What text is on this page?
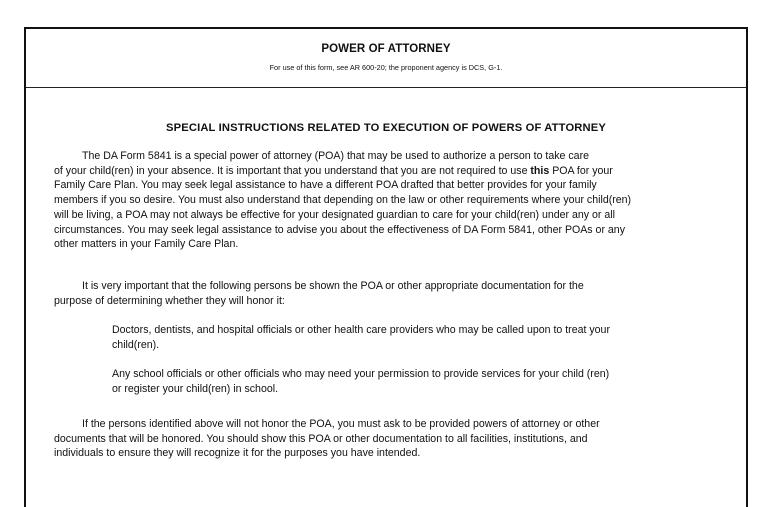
POWER OF ATTORNEY
For use of this form, see AR 600-20; the proponent agency is DCS, G-1.
SPECIAL INSTRUCTIONS RELATED TO EXECUTION OF POWERS OF ATTORNEY

The DA Form 5841 is a special power of attorney (POA) that may be used to authorize a person to take care
of your child(ren) in your absence. It is important that you understand that you are not required to use this POA for your
Family Care Plan. You may seek legal assistance to have a different POA drafted that better provides for your family
members if you so desire. You must also understand that depending on the law or other requirements where your child(ren)
will be living, a POA may not always be effective for your designated guardian to care for your child(ren) under any or all
circumstances. You may seek legal assistance to advise you about the effectiveness of DA Form 5841, other POAs or any
other matters in your Family Care Plan.

It is very important that the following persons be shown the POA or other appropriate documentation for the
purpose of determining whether they will honor it:

Doctors, dentists, and hospital officials or other health care providers who may be called upon to treat your
child(ren).

Any school officials or other officials who may need your permission to provide services for your child (ren)
or register your child(ren) in school.

If the persons identified above will not honor the POA, you must ask to be provided powers of attorney or other
documents that will be honored. You should show this POA or other documentation to all facilities, institutions, and
individuals to ensure they will recognize it for the purposes you have intended.
